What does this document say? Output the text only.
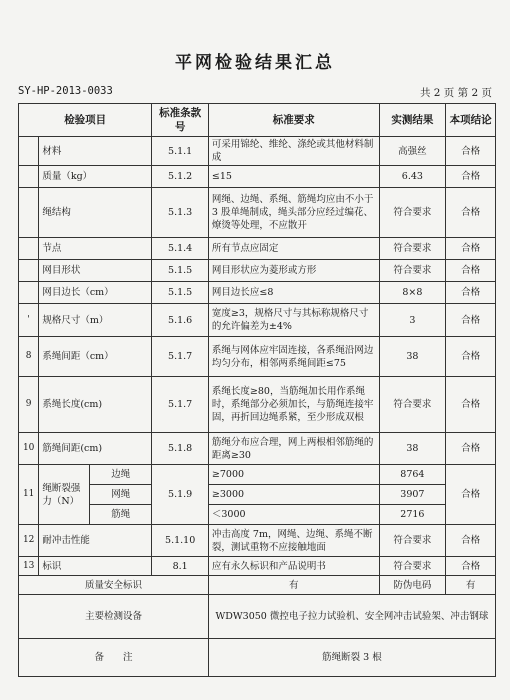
平网检验结果汇总
SY-HP-2013-0033	共 2 页 第 2 页
检验项目			标准条款号	标准要求	实测结果	本项结论
	材料		5.1.1	可采用锦纶、维纶、涤纶或其他材料制成	高强丝	合格
	质量（kg）		5.1.2	≤15	6.43	合格
	绳结构		5.1.3	网绳、边绳、系绳、筋绳均应由不小于 3 股单绳制成，绳头部分应经过编花、燎烫等处理，不应散开	符合要求	合格
	节点		5.1.4	所有节点应固定	符合要求	合格
	网目形状		5.1.5	网目形状应为菱形或方形	符合要求	合格
	网目边长（cm）		5.1.5	网目边长应≤8	8×8	合格
'	规格尺寸（m）		5.1.6	宽度≥3，规格尺寸与其标称规格尺寸的允许偏差为±4%	3	合格
8	系绳间距（cm）		5.1.7	系绳与网体应牢固连接，各系绳沿网边均匀分布，相邻两系绳间距≤75	38	合格
9	系绳长度(cm)		5.1.7	系绳长度≥80，当筋绳加长用作系绳时，系绳部分必须加长，与筋绳连接牢固，再折回边绳系紧，至少形成双根	符合要求	合格
10	筋绳间距(cm)		5.1.8	筋绳分布应合理，网上两根相邻筋绳的距离≥30	38	合格
11	绳断裂强力（N）	边绳	5.1.9	≥7000	8764	合格
		网绳		≥3000	3907	
		筋绳		＜3000	2716	
12	耐冲击性能		5.1.10	冲击高度 7m，网绳、边绳、系绳不断裂，测试重物不应接触地面	符合要求	合格
13	标识		8.1	应有永久标识和产品说明书	符合要求	合格
质量安全标识				有	防伪电码	有
主要检测设备				WDW3050 微控电子拉力试验机、安全网冲击试验架、冲击钢球		
备　　注				筋绳断裂 3 根		
